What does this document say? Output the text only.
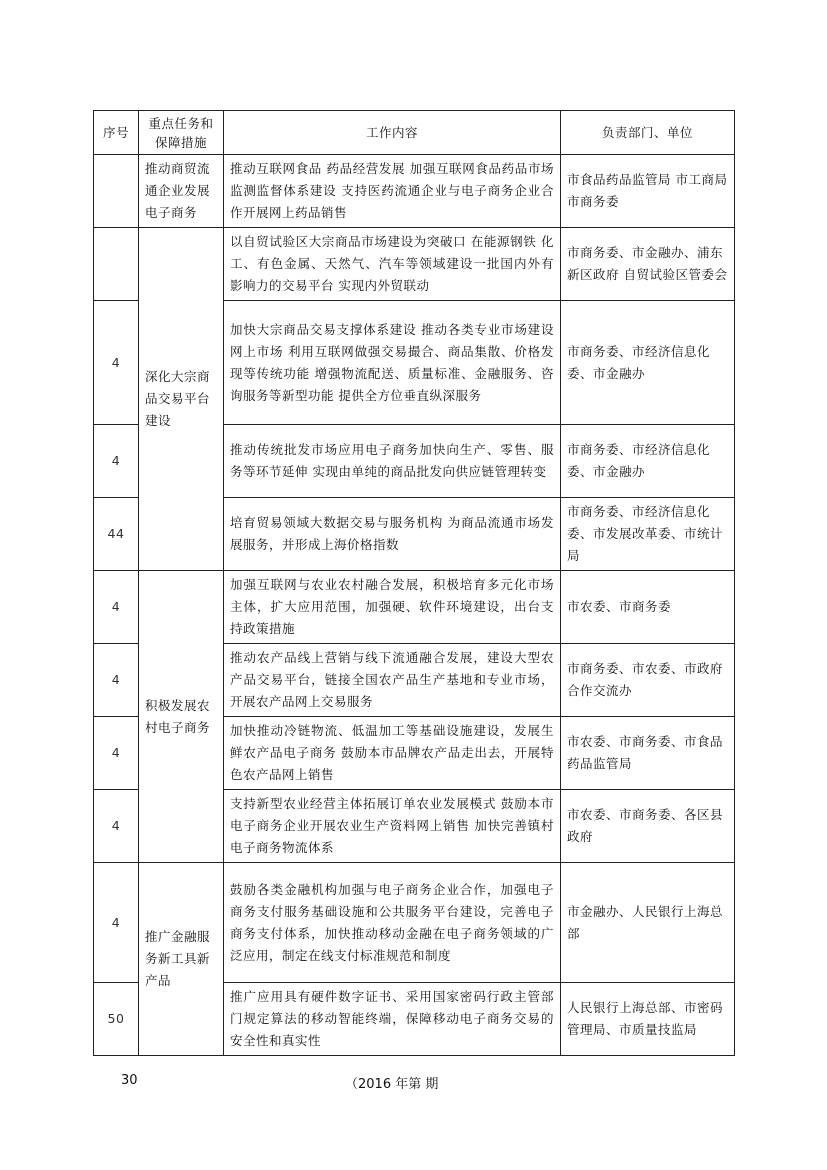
序号	重点任务和保障措施	工作内容	负责部门、单位
	推动商贸流通企业发展电子商务	推动互联网食品 药品经营发展 加强互联网食品药品市场监测监督体系建设 支持医药流通企业与电子商务企业合作开展网上药品销售	市食品药品监管局 市工商局 市商务委
	深化大宗商品交易平台建设	以自贸试验区大宗商品市场建设为突破口 在能源钢铁 化工、有色金属、天然气、汽车等领域建设一批国内外有影响力的交易平台 实现内外贸联动	市商务委、市金融办、浦东新区政府 自贸试验区管委会
4		加快大宗商品交易支撑体系建设 推动各类专业市场建设网上市场 利用互联网做强交易撮合、商品集散、价格发现等传统功能 增强物流配送、质量标准、金融服务、咨询服务等新型功能 提供全方位垂直纵深服务	市商务委、市经济信息化委、市金融办
4		推动传统批发市场应用电子商务加快向生产、零售、服务等环节延伸 实现由单纯的商品批发向供应链管理转变	市商务委、市经济信息化委、市金融办
44		培育贸易领域大数据交易与服务机构 为商品流通市场发展服务，并形成上海价格指数	市商务委、市经济信息化委、市发展改革委、市统计局
4	积极发展农村电子商务	加强互联网与农业农村融合发展，积极培育多元化市场主体，扩大应用范围，加强硬、软件环境建设，出台支持政策措施	市农委、市商务委
4		推动农产品线上营销与线下流通融合发展，建设大型农产品交易平台，链接全国农产品生产基地和专业市场，开展农产品网上交易服务	市商务委、市农委、市政府合作交流办
4		加快推动冷链物流、低温加工等基础设施建设，发展生鲜农产品电子商务 鼓励本市品牌农产品走出去，开展特色农产品网上销售	市农委、市商务委、市食品药品监管局
4		支持新型农业经营主体拓展订单农业发展模式 鼓励本市电子商务企业开展农业生产资料网上销售 加快完善镇村电子商务物流体系	市农委、市商务委、各区县政府
4	推广金融服务新工具新产品	鼓励各类金融机构加强与电子商务企业合作，加强电子商务支付服务基础设施和公共服务平台建设，完善电子商务支付体系，加快推动移动金融在电子商务领域的广泛应用，制定在线支付标准规范和制度	市金融办、人民银行上海总部
50		推广应用具有硬件数字证书、采用国家密码行政主管部门规定算法的移动智能终端，保障移动电子商务交易的安全性和真实性	人民银行上海总部、市密码管理局、市质量技监局
30	（2016 年第 期
